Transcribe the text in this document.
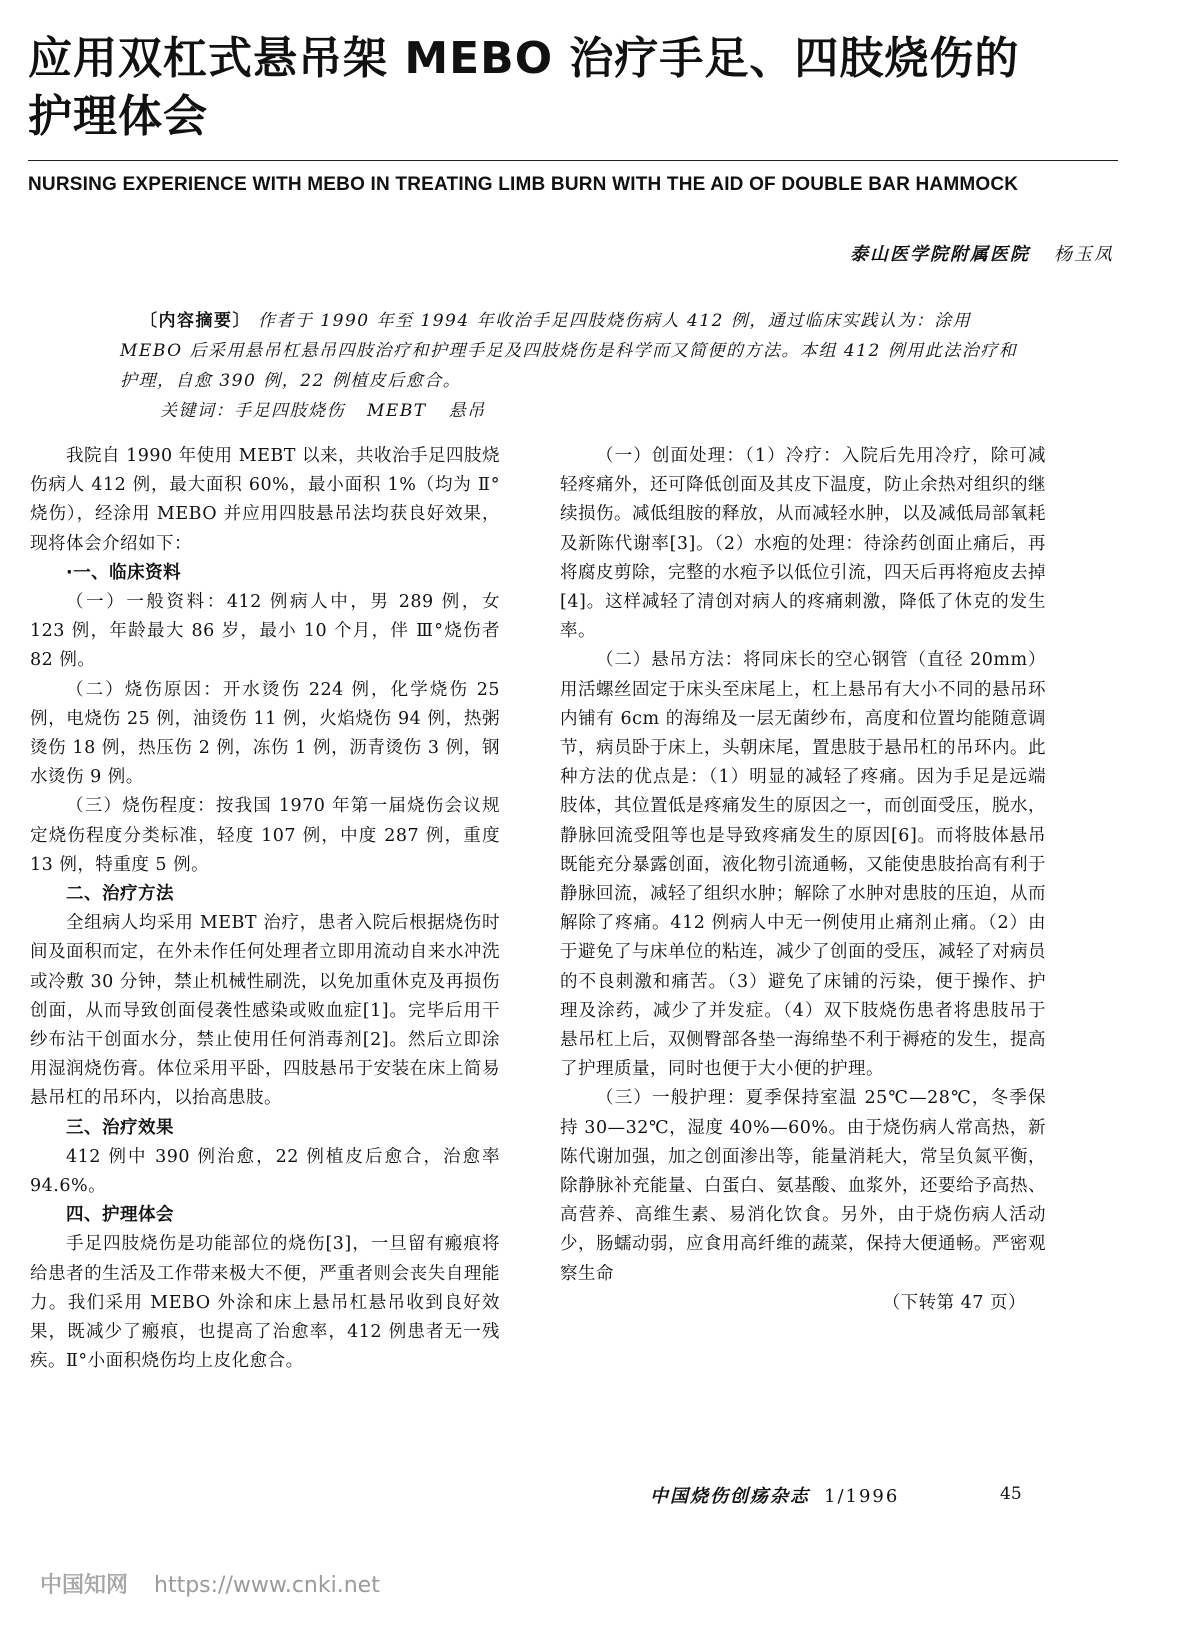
应用双杠式悬吊架 MEBO 治疗手足、四肢烧伤的
护理体会
NURSING EXPERIENCE WITH MEBO IN TREATING LIMB BURN WITH THE AID OF DOUBLE BAR HAMMOCK
泰山医学院附属医院 杨玉凤

〔内容摘要〕 作者于 1990 年至 1994 年收治手足四肢烧伤病人 412 例，通过临床实践认为：涂用 MEBO 后采用悬吊杠悬吊四肢治疗和护理手足及四肢烧伤是科学而又简便的方法。本组 412 例用此法治疗和护理，自愈 390 例，22 例植皮后愈合。

关键词：手足四肢烧伤 MEBT 悬吊

我院自 1990 年使用 MEBT 以来，共收治手足四肢烧伤病人 412 例，最大面积 60%，最小面积 1%（均为 Ⅱ°烧伤），经涂用 MEBO 并应用四肢悬吊法均获良好效果，现将体会介绍如下：

·一、临床资料

（一）一般资料：412 例病人中，男 289 例，女 123 例，年龄最大 86 岁，最小 10 个月，伴 Ⅲ°烧伤者 82 例。

（二）烧伤原因：开水烫伤 224 例，化学烧伤 25 例，电烧伤 25 例，油烫伤 11 例，火焰烧伤 94 例，热粥烫伤 18 例，热压伤 2 例，冻伤 1 例，沥青烫伤 3 例，钢水烫伤 9 例。

（三）烧伤程度：按我国 1970 年第一届烧伤会议规定烧伤程度分类标准，轻度 107 例，中度 287 例，重度 13 例，特重度 5 例。

二、治疗方法

全组病人均采用 MEBT 治疗，患者入院后根据烧伤时间及面积而定，在外未作任何处理者立即用流动自来水冲洗或冷敷 30 分钟，禁止机械性刷洗，以免加重休克及再损伤创面，从而导致创面侵袭性感染或败血症[1]。完毕后用干纱布沾干创面水分，禁止使用任何消毒剂[2]。然后立即涂用湿润烧伤膏。体位采用平卧，四肢悬吊于安装在床上简易悬吊杠的吊环内，以抬高患肢。

三、治疗效果

412 例中 390 例治愈，22 例植皮后愈合，治愈率 94.6%。

四、护理体会

手足四肢烧伤是功能部位的烧伤[3]，一旦留有瘢痕将给患者的生活及工作带来极大不便，严重者则会丧失自理能力。我们采用 MEBO 外涂和床上悬吊杠悬吊收到良好效果，既减少了瘢痕，也提高了治愈率，412 例患者无一残疾。Ⅱ°小面积烧伤均上皮化愈合。

（一）创面处理：（1）冷疗：入院后先用冷疗，除可减轻疼痛外，还可降低创面及其皮下温度，防止余热对组织的继续损伤。减低组胺的释放，从而减轻水肿，以及减低局部氧耗及新陈代谢率[3]。（2）水疱的处理：待涂药创面止痛后，再将腐皮剪除，完整的水疱予以低位引流，四天后再将疱皮去掉[4]。这样减轻了清创对病人的疼痛刺激，降低了休克的发生率。

（二）悬吊方法：将同床长的空心钢管（直径 20mm）用活螺丝固定于床头至床尾上，杠上悬吊有大小不同的悬吊环内铺有 6cm 的海绵及一层无菌纱布，高度和位置均能随意调节，病员卧于床上，头朝床尾，置患肢于悬吊杠的吊环内。此种方法的优点是：（1）明显的减轻了疼痛。因为手足是远端肢体，其位置低是疼痛发生的原因之一，而创面受压，脱水，静脉回流受阻等也是导致疼痛发生的原因[6]。而将肢体悬吊既能充分暴露创面，液化物引流通畅，又能使患肢抬高有利于静脉回流，减轻了组织水肿；解除了水肿对患肢的压迫，从而解除了疼痛。412 例病人中无一例使用止痛剂止痛。（2）由于避免了与床单位的粘连，减少了创面的受压，减轻了对病员的不良刺激和痛苦。（3）避免了床铺的污染，便于操作、护理及涂药，减少了并发症。（4）双下肢烧伤患者将患肢吊于悬吊杠上后，双侧臀部各垫一海绵垫不利于褥疮的发生，提高了护理质量，同时也便于大小便的护理。

（三）一般护理：夏季保持室温 25℃—28℃，冬季保持 30—32℃，湿度 40%—60%。由于烧伤病人常高热，新陈代谢加强，加之创面渗出等，能量消耗大，常呈负氮平衡，除静脉补充能量、白蛋白、氨基酸、血浆外，还要给予高热、高营养、高维生素、易消化饮食。另外，由于烧伤病人活动少，肠蠕动弱，应食用高纤维的蔬菜，保持大便通畅。严密观察生命

（下转第 47 页）

中国烧伤创疡杂志 1/1996	45
中国知网 https://www.cnki.net
